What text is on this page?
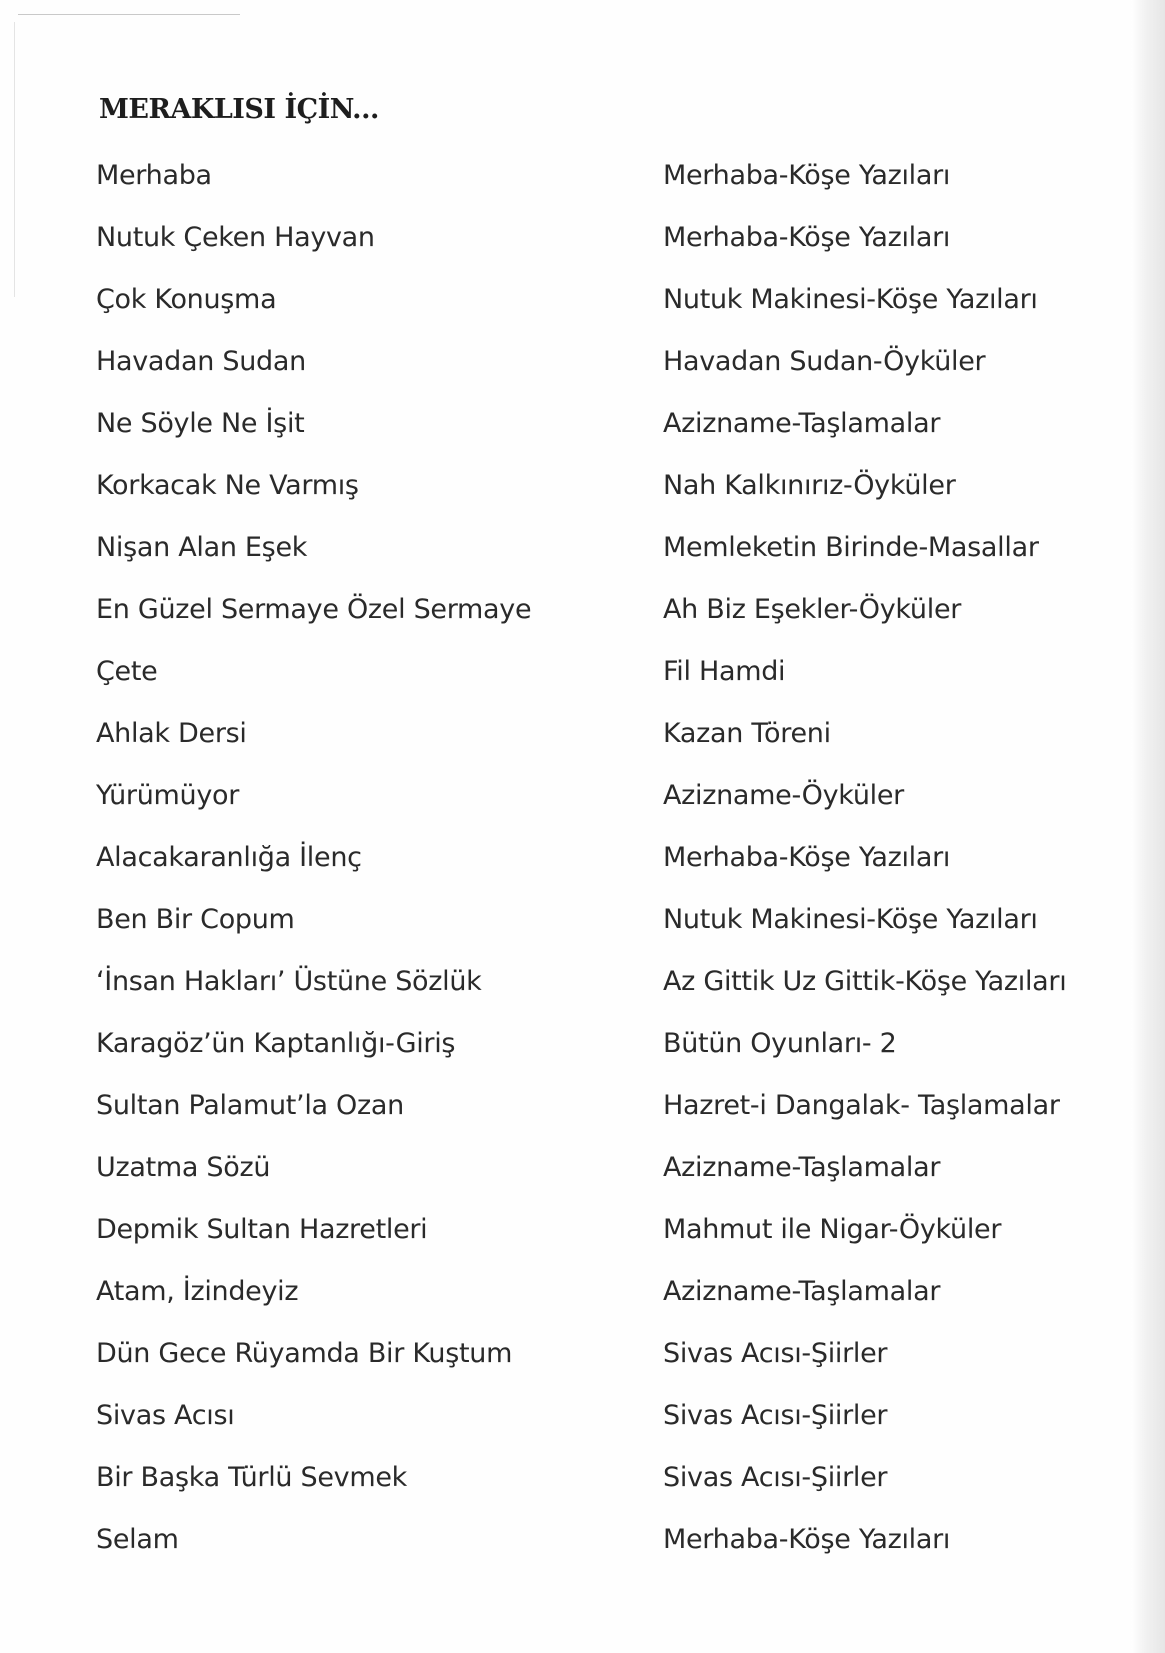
MERAKLISI İÇİN...
Merhaba
Nutuk Çeken Hayvan
Çok Konuşma
Havadan Sudan
Ne Söyle Ne İşit
Korkacak Ne Varmış
Nişan Alan Eşek
En Güzel Sermaye Özel Sermaye
Çete
Ahlak Dersi
Yürümüyor
Alacakaranlığa İlenç
Ben Bir Copum
‘İnsan Hakları’ Üstüne Sözlük
Karagöz’ün Kaptanlığı-Giriş
Sultan Palamut’la Ozan
Uzatma Sözü
Depmik Sultan Hazretleri
Atam, İzindeyiz
Dün Gece Rüyamda Bir Kuştum
Sivas Acısı
Bir Başka Türlü Sevmek
Selam
Merhaba-Köşe Yazıları
Merhaba-Köşe Yazıları
Nutuk Makinesi-Köşe Yazıları
Havadan Sudan-Öyküler
Azizname-Taşlamalar
Nah Kalkınırız-Öyküler
Memleketin Birinde-Masallar
Ah Biz Eşekler-Öyküler
Fil Hamdi
Kazan Töreni
Azizname-Öyküler
Merhaba-Köşe Yazıları
Nutuk Makinesi-Köşe Yazıları
Az Gittik Uz Gittik-Köşe Yazıları
Bütün Oyunları- 2
Hazret-i Dangalak- Taşlamalar
Azizname-Taşlamalar
Mahmut ile Nigar-Öyküler
Azizname-Taşlamalar
Sivas Acısı-Şiirler
Sivas Acısı-Şiirler
Sivas Acısı-Şiirler
Merhaba-Köşe Yazıları
